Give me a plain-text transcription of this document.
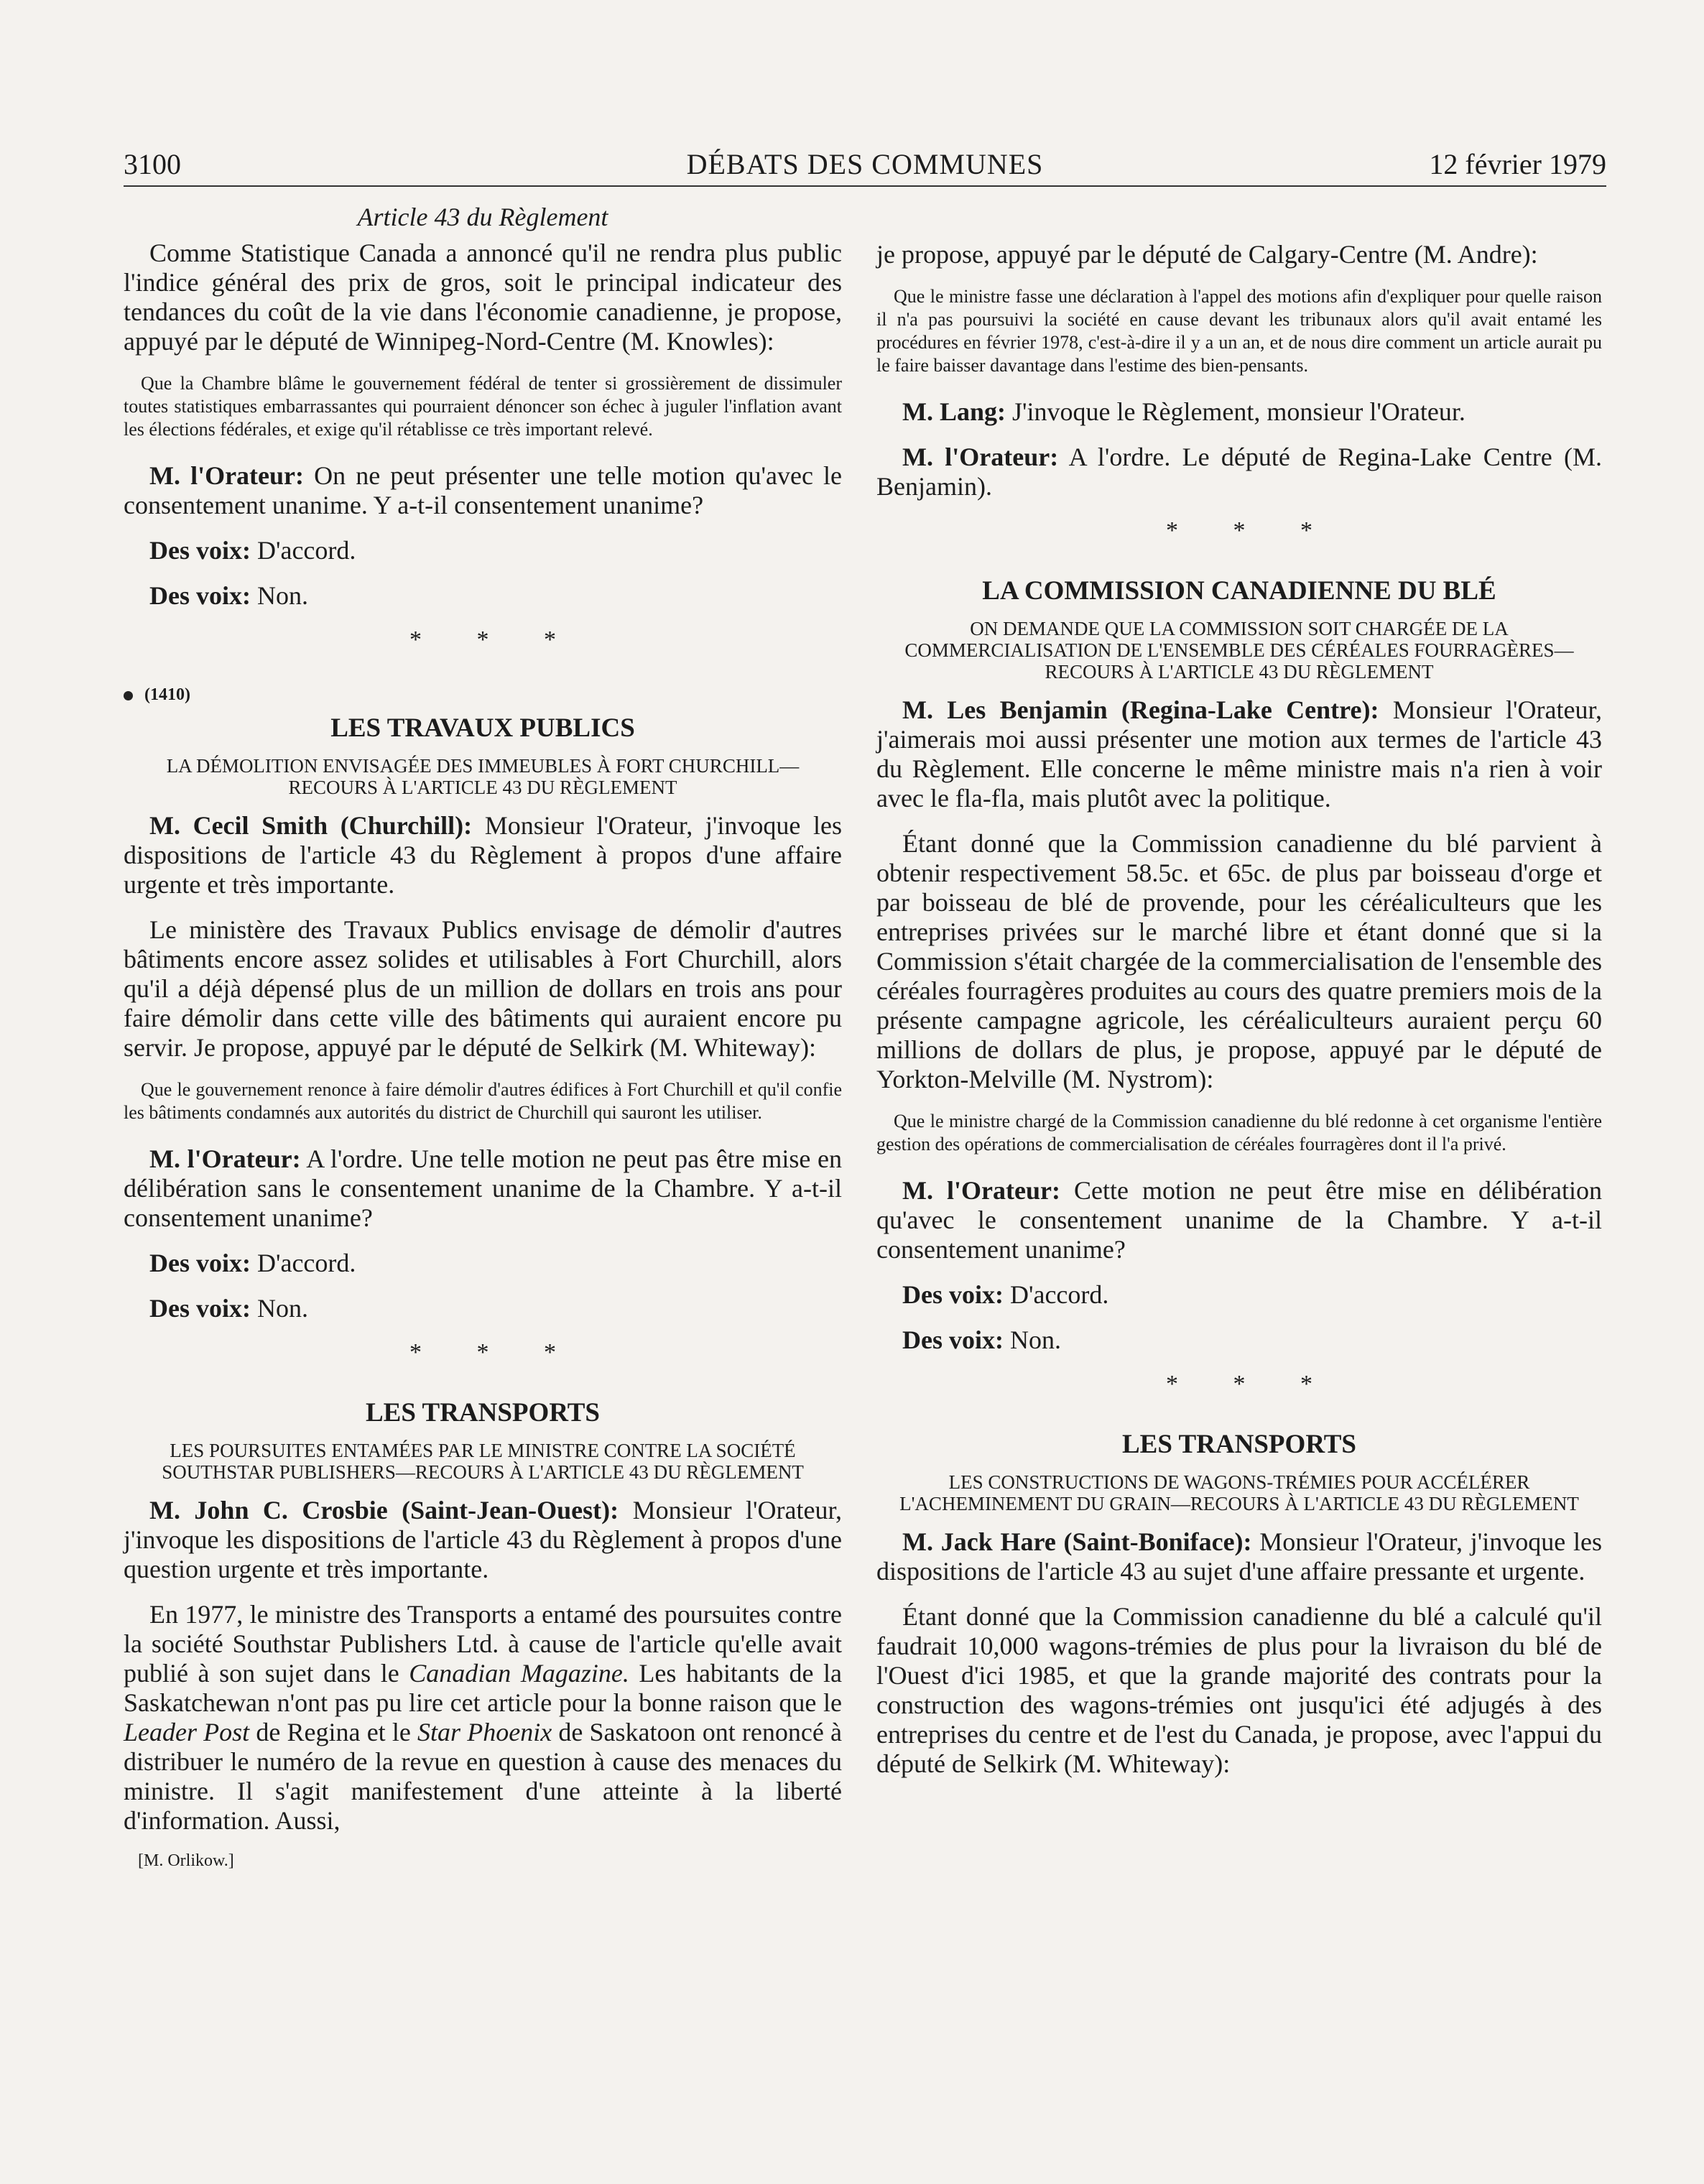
3100	DÉBATS DES COMMUNES	12 février 1979
Article 43 du Règlement

Comme Statistique Canada a annoncé qu'il ne rendra plus public l'indice général des prix de gros, soit le principal indicateur des tendances du coût de la vie dans l'économie canadienne, je propose, appuyé par le député de Winnipeg-Nord-Centre (M. Knowles):

Que la Chambre blâme le gouvernement fédéral de tenter si grossièrement de dissimuler toutes statistiques embarrassantes qui pourraient dénoncer son échec à juguler l'inflation avant les élections fédérales, et exige qu'il rétablisse ce très important relevé.

M. l'Orateur: On ne peut présenter une telle motion qu'avec le consentement unanime. Y a-t-il consentement unanime?

Des voix: D'accord.

Des voix: Non.

* * *
(1410)
LES TRAVAUX PUBLICS
LA DÉMOLITION ENVISAGÉE DES IMMEUBLES À FORT CHURCHILL—RECOURS À L'ARTICLE 43 DU RÈGLEMENT

M. Cecil Smith (Churchill): Monsieur l'Orateur, j'invoque les dispositions de l'article 43 du Règlement à propos d'une affaire urgente et très importante.

Le ministère des Travaux Publics envisage de démolir d'autres bâtiments encore assez solides et utilisables à Fort Churchill, alors qu'il a déjà dépensé plus de un million de dollars en trois ans pour faire démolir dans cette ville des bâtiments qui auraient encore pu servir. Je propose, appuyé par le député de Selkirk (M. Whiteway):

Que le gouvernement renonce à faire démolir d'autres édifices à Fort Churchill et qu'il confie les bâtiments condamnés aux autorités du district de Churchill qui sauront les utiliser.

M. l'Orateur: A l'ordre. Une telle motion ne peut pas être mise en délibération sans le consentement unanime de la Chambre. Y a-t-il consentement unanime?

Des voix: D'accord.

Des voix: Non.

* * *
LES TRANSPORTS
LES POURSUITES ENTAMÉES PAR LE MINISTRE CONTRE LA SOCIÉTÉ SOUTHSTAR PUBLISHERS—RECOURS À L'ARTICLE 43 DU RÈGLEMENT

M. John C. Crosbie (Saint-Jean-Ouest): Monsieur l'Orateur, j'invoque les dispositions de l'article 43 du Règlement à propos d'une question urgente et très importante.

En 1977, le ministre des Transports a entamé des poursuites contre la société Southstar Publishers Ltd. à cause de l'article qu'elle avait publié à son sujet dans le Canadian Magazine. Les habitants de la Saskatchewan n'ont pas pu lire cet article pour la bonne raison que le Leader Post de Regina et le Star Phoenix de Saskatoon ont renoncé à distribuer le numéro de la revue en question à cause des menaces du ministre. Il s'agit manifestement d'une atteinte à la liberté d'information. Aussi,

[M. Orlikow.]

je propose, appuyé par le député de Calgary-Centre (M. Andre):

Que le ministre fasse une déclaration à l'appel des motions afin d'expliquer pour quelle raison il n'a pas poursuivi la société en cause devant les tribunaux alors qu'il avait entamé les procédures en février 1978, c'est-à-dire il y a un an, et de nous dire comment un article aurait pu le faire baisser davantage dans l'estime des bien-pensants.

M. Lang: J'invoque le Règlement, monsieur l'Orateur.

M. l'Orateur: A l'ordre. Le député de Regina-Lake Centre (M. Benjamin).

* * *
LA COMMISSION CANADIENNE DU BLÉ
ON DEMANDE QUE LA COMMISSION SOIT CHARGÉE DE LA COMMERCIALISATION DE L'ENSEMBLE DES CÉRÉALES FOURRAGÈRES—RECOURS À L'ARTICLE 43 DU RÈGLEMENT

M. Les Benjamin (Regina-Lake Centre): Monsieur l'Orateur, j'aimerais moi aussi présenter une motion aux termes de l'article 43 du Règlement. Elle concerne le même ministre mais n'a rien à voir avec le fla-fla, mais plutôt avec la politique.

Étant donné que la Commission canadienne du blé parvient à obtenir respectivement 58.5c. et 65c. de plus par boisseau d'orge et par boisseau de blé de provende, pour les céréaliculteurs que les entreprises privées sur le marché libre et étant donné que si la Commission s'était chargée de la commercialisation de l'ensemble des céréales fourragères produites au cours des quatre premiers mois de la présente campagne agricole, les céréaliculteurs auraient perçu 60 millions de dollars de plus, je propose, appuyé par le député de Yorkton-Melville (M. Nystrom):

Que le ministre chargé de la Commission canadienne du blé redonne à cet organisme l'entière gestion des opérations de commercialisation de céréales fourragères dont il l'a privé.

M. l'Orateur: Cette motion ne peut être mise en délibération qu'avec le consentement unanime de la Chambre. Y a-t-il consentement unanime?

Des voix: D'accord.

Des voix: Non.

* * *
LES TRANSPORTS
LES CONSTRUCTIONS DE WAGONS-TRÉMIES POUR ACCÉLÉRER L'ACHEMINEMENT DU GRAIN—RECOURS À L'ARTICLE 43 DU RÈGLEMENT

M. Jack Hare (Saint-Boniface): Monsieur l'Orateur, j'invoque les dispositions de l'article 43 au sujet d'une affaire pressante et urgente.

Étant donné que la Commission canadienne du blé a calculé qu'il faudrait 10,000 wagons-trémies de plus pour la livraison du blé de l'Ouest d'ici 1985, et que la grande majorité des contrats pour la construction des wagons-trémies ont jusqu'ici été adjugés à des entreprises du centre et de l'est du Canada, je propose, avec l'appui du député de Selkirk (M. Whiteway):
